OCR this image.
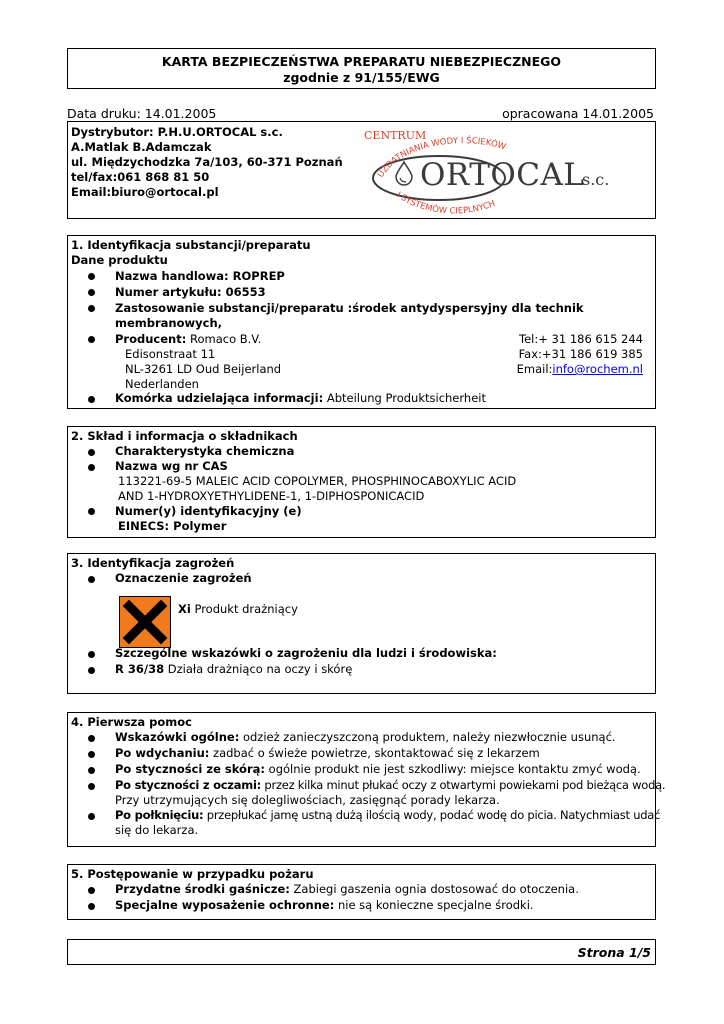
KARTA BEZPIECZEŃSTWA PREPARATU NIEBEZPIECZNEGO
zgodnie z 91/155/EWG
Data druku: 14.01.2005	opracowana 14.01.2005
Dystrybutor: P.H.U.ORTOCAL s.c.
A.Matlak B.Adamczak
ul. Międzychodzka 7a/103, 60-371 Poznań
tel/fax:061 868 81 50
Email:biuro@ortocal.pl
CENTRUM
UZDATNIANIA WODY I ŚCIEKÓW
I SYSTEMÓW CIEPLNYCH
ORTOCAL
s.c.
1. Identyfikacja substancji/preparatu
Dane produktu
Nazwa handlowa: ROPREP
Numer artykułu: 06553
Zastosowanie substancji/preparatu :środek antydyspersyjny dla technik
membranowych,
Producent: Romaco B.V.
Edisonstraat 11
NL-3261 LD Oud Beijerland
Nederlanden
Tel:+ 31 186 615 244
Fax:+31 186 619 385
Email:info@rochem.nl
Komórka udzielająca informacji: Abteilung Produktsicherheit
2. Skład i informacja o składnikach
Charakterystyka chemiczna
Nazwa wg nr CAS
113221-69-5 MALEIC ACID COPOLYMER, PHOSPHINOCABOXYLIC ACID
AND 1-HYDROXYETHYLIDENE-1, 1-DIPHOSPONICACID
Numer(y) identyfikacyjny (e)
EINECS: Polymer
3. Identyfikacja zagrożeń
Oznaczenie zagrożeń
Xi Produkt drażniący
Szczególne wskazówki o zagrożeniu dla ludzi i środowiska:
R 36/38 Działa drażniąco na oczy i skórę
4. Pierwsza pomoc
Wskazówki ogólne: odzież zanieczyszczoną produktem, należy niezwłocznie usunąć.
Po wdychaniu: zadbać o świeże powietrze, skontaktować się z lekarzem
Po styczności ze skórą: ogólnie produkt nie jest szkodliwy: miejsce kontaktu zmyć wodą.
Po styczności z oczami: przez kilka minut płukać oczy z otwartymi powiekami pod bieżąca wodą.
Przy utrzymujących się dolegliwościach, zasięgnąć porady lekarza.
Po połknięciu: przepłukać jamę ustną dużą ilością wody, podać wodę do picia. Natychmiast udać
się do lekarza.
5. Postępowanie w przypadku pożaru
Przydatne środki gaśnicze: Zabiegi gaszenia ognia dostosować do otoczenia.
Specjalne wyposażenie ochronne: nie są konieczne specjalne środki.
Strona 1/5
